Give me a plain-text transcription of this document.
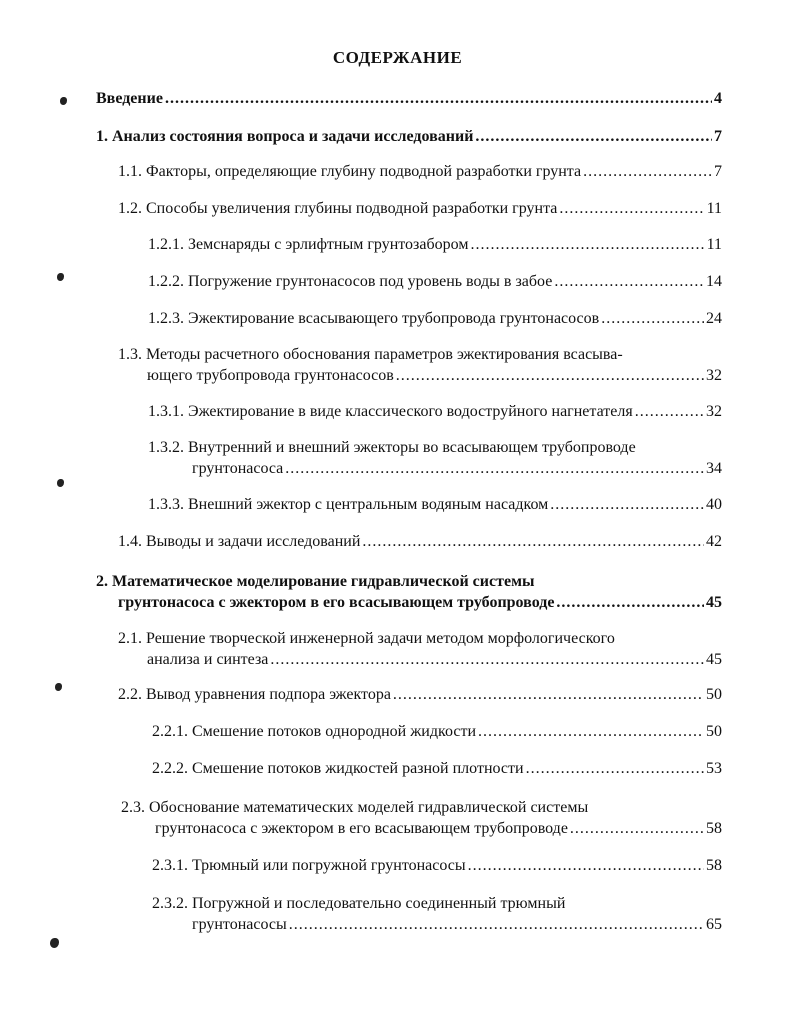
СОДЕРЖАНИЕ
Введение .....	4
1. Анализ состояния вопроса и задачи исследований .....	7
1.1. Факторы, определяющие глубину подводной разработки грунта .....	7
1.2. Способы увеличения глубины подводной разработки грунта .....	11
1.2.1. Земснаряды с эрлифтным грунтозабором .....	11
1.2.2. Погружение грунтонасосов под уровень воды в забое .....	14
1.2.3. Эжектирование всасывающего трубопровода грунтонасосов .....	24
1.3. Методы расчетного обоснования параметров эжектирования всасыва-
ющего трубопровода грунтонасосов .....	32
1.3.1. Эжектирование в виде классического водоструйного нагнетателя .....	32
1.3.2. Внутренний и внешний эжекторы во всасывающем трубопроводе
грунтонасоса .....	34
1.3.3. Внешний эжектор с центральным водяным насадком .....	40
1.4. Выводы и задачи исследований .....	42
2. Математическое моделирование гидравлической системы
грунтонасоса с эжектором в его всасывающем трубопроводе .....	45
2.1. Решение творческой инженерной задачи методом морфологического
анализа и синтеза .....	45
2.2. Вывод уравнения подпора эжектора .....	50
2.2.1. Смешение потоков однородной жидкости .....	50
2.2.2. Смешение потоков жидкостей разной плотности .....	53
2.3. Обоснование математических моделей гидравлической системы
грунтонасоса с эжектором в его всасывающем трубопроводе .....	58
2.3.1. Трюмный или погружной грунтонасосы .....	58
2.3.2. Погружной и последовательно соединенный трюмный
грунтонасосы .....	65
